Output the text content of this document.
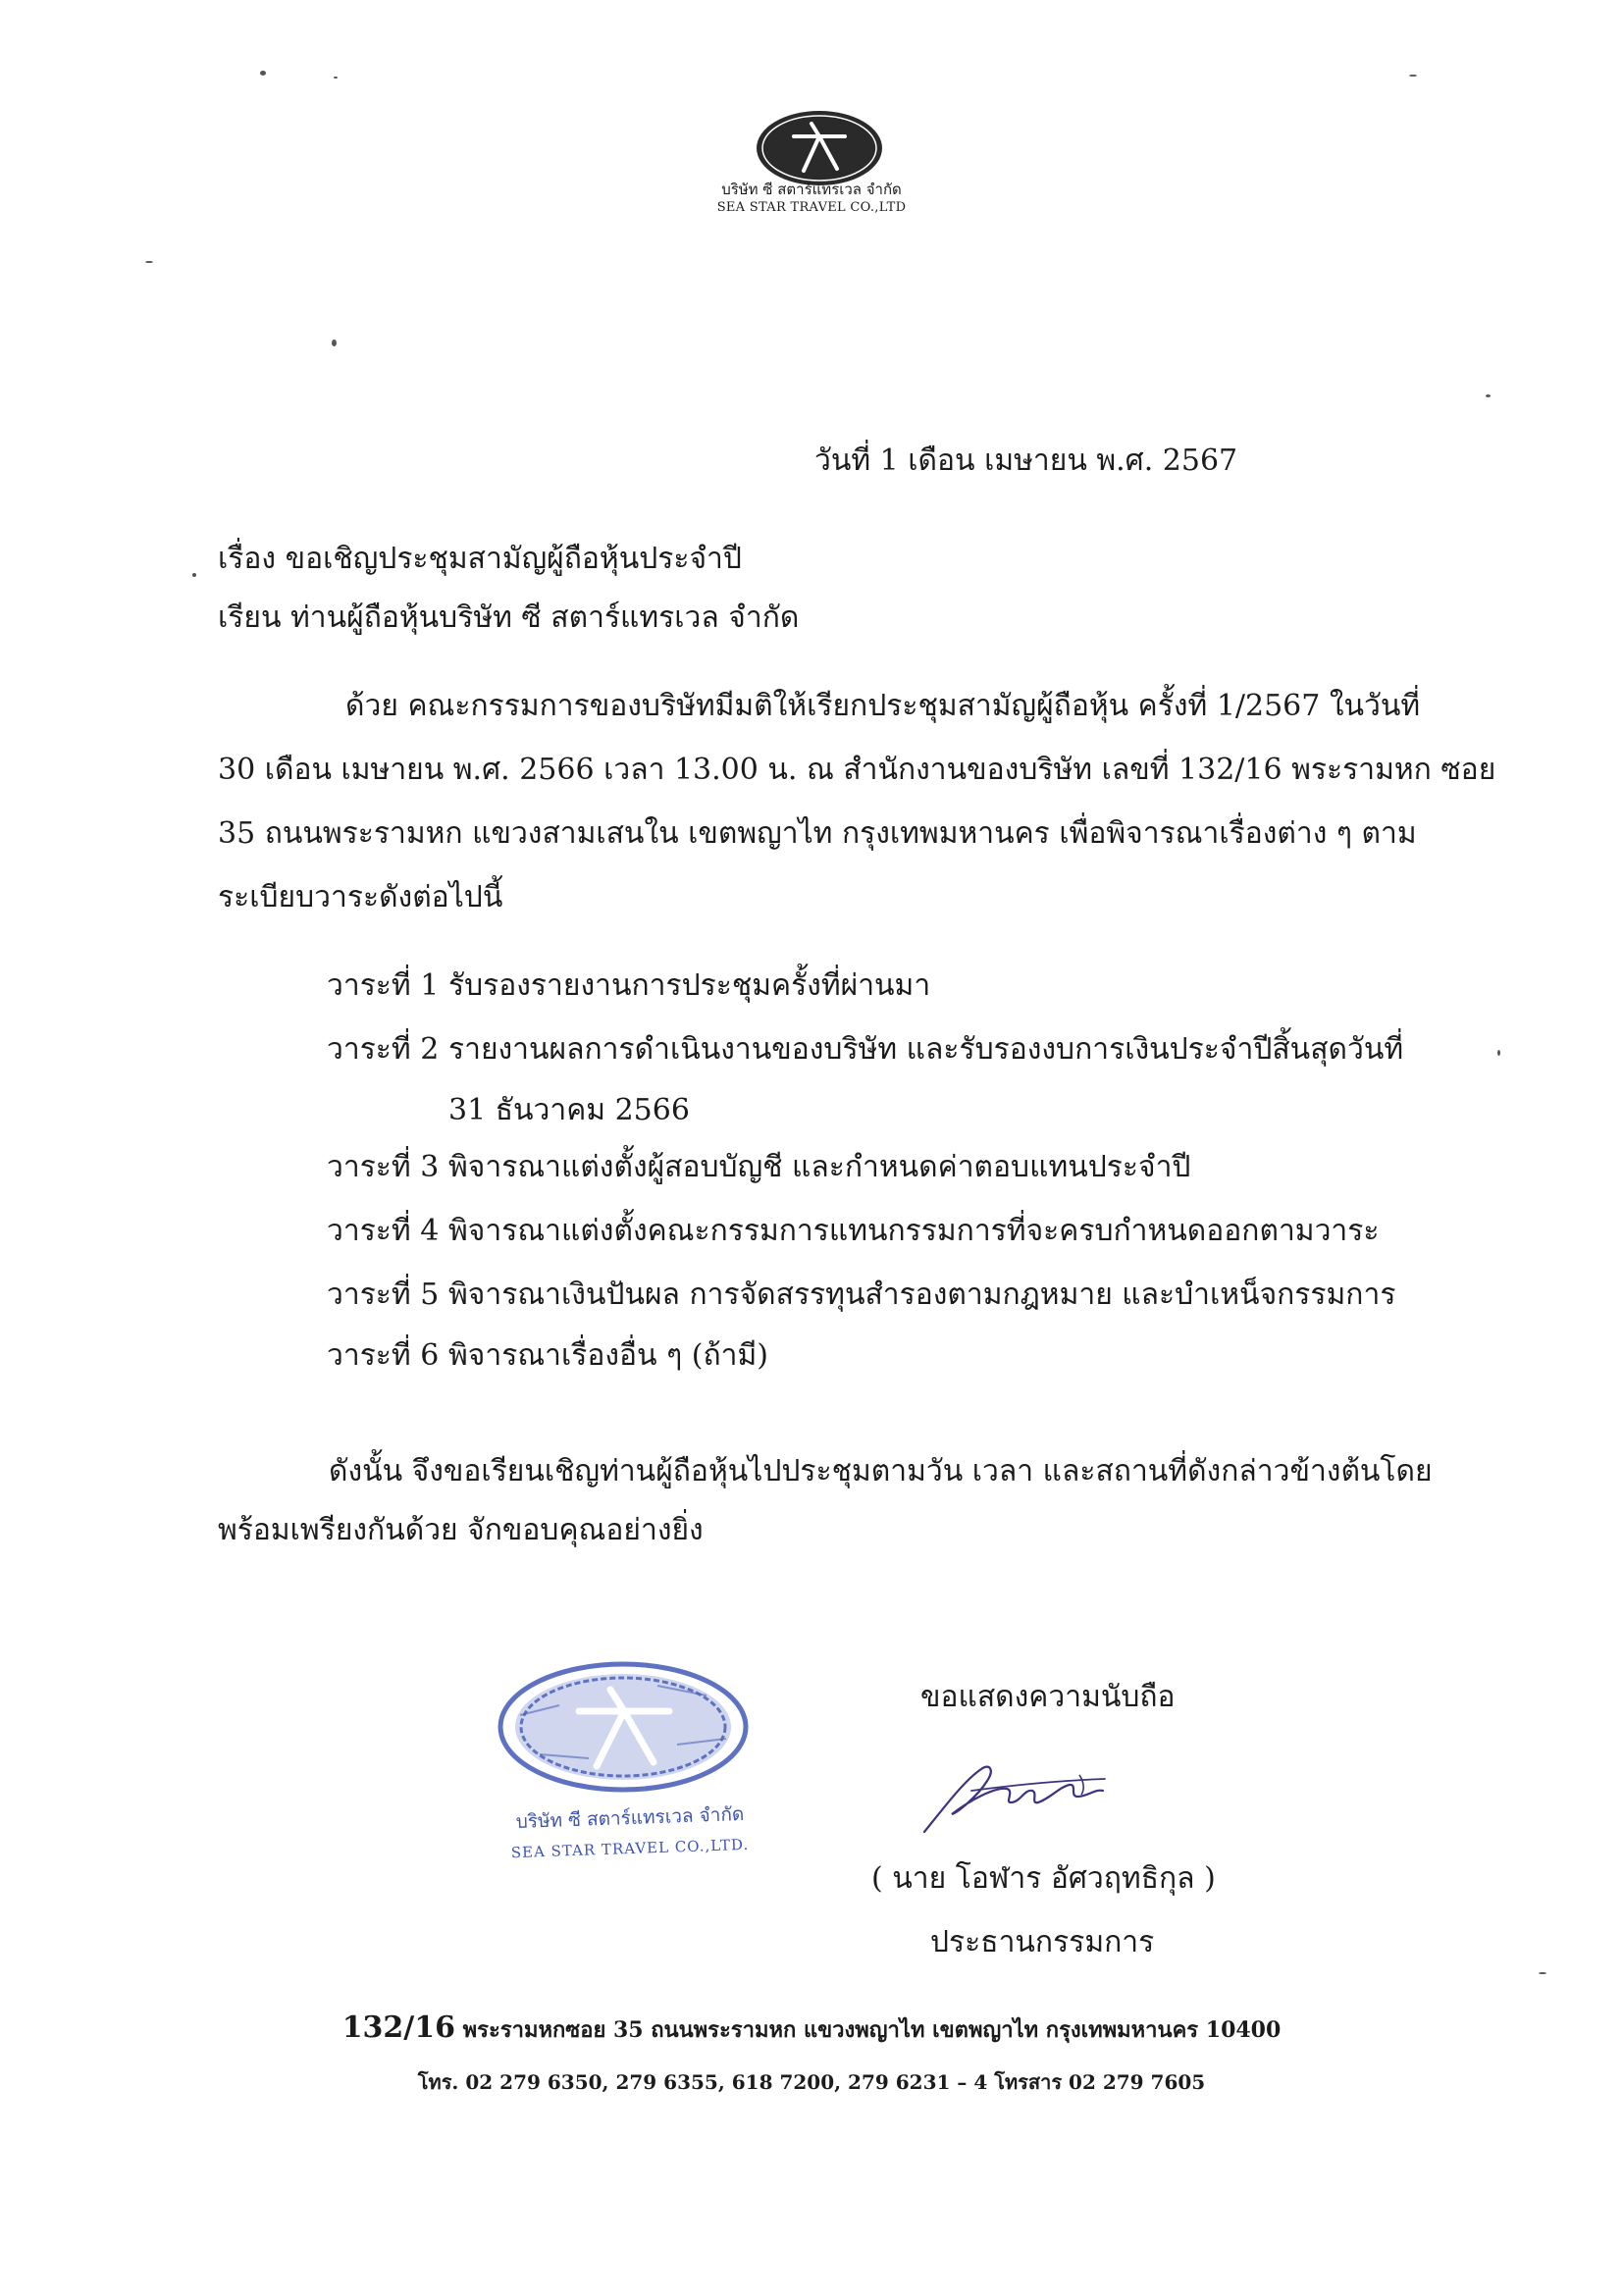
บริษัท ซี สตาร์แทรเวล จำกัด
SEA STAR TRAVEL CO.,LTD
วันที่ 1 เดือน เมษายน พ.ศ. 2567
เรื่อง ขอเชิญประชุมสามัญผู้ถือหุ้นประจำปี
เรียน ท่านผู้ถือหุ้นบริษัท ซี สตาร์แทรเวล จำกัด
ด้วย คณะกรรมการของบริษัทมีมติให้เรียกประชุมสามัญผู้ถือหุ้น ครั้งที่ 1/2567 ในวันที่
30 เดือน เมษายน พ.ศ. 2566 เวลา 13.00 น. ณ สำนักงานของบริษัท เลขที่ 132/16 พระรามหก ซอย
35 ถนนพระรามหก แขวงสามเสนใน เขตพญาไท กรุงเทพมหานคร เพื่อพิจารณาเรื่องต่าง ๆ ตาม
ระเบียบวาระดังต่อไปนี้
วาระที่ 1 รับรองรายงานการประชุมครั้งที่ผ่านมา
วาระที่ 2 รายงานผลการดำเนินงานของบริษัท และรับรองงบการเงินประจำปีสิ้นสุดวันที่
31 ธันวาคม 2566
วาระที่ 3 พิจารณาแต่งตั้งผู้สอบบัญชี และกำหนดค่าตอบแทนประจำปี
วาระที่ 4 พิจารณาแต่งตั้งคณะกรรมการแทนกรรมการที่จะครบกำหนดออกตามวาระ
วาระที่ 5 พิจารณาเงินปันผล การจัดสรรทุนสำรองตามกฎหมาย และบำเหน็จกรรมการ
วาระที่ 6 พิจารณาเรื่องอื่น ๆ (ถ้ามี)
ดังนั้น จึงขอเรียนเชิญท่านผู้ถือหุ้นไปประชุมตามวัน เวลา และสถานที่ดังกล่าวข้างต้นโดย
พร้อมเพรียงกันด้วย จักขอบคุณอย่างยิ่ง
บริษัท ซี สตาร์แทรเวล จำกัด
SEA STAR TRAVEL CO.,LTD.
ขอแสดงความนับถือ
( นาย โอฬาร อัศวฤทธิกุล )
ประธานกรรมการ
132/16 พระรามหกซอย 35 ถนนพระรามหก แขวงพญาไท เขตพญาไท กรุงเทพมหานคร 10400
โทร. 02 279 6350, 279 6355, 618 7200, 279 6231 – 4 โทรสาร 02 279 7605
